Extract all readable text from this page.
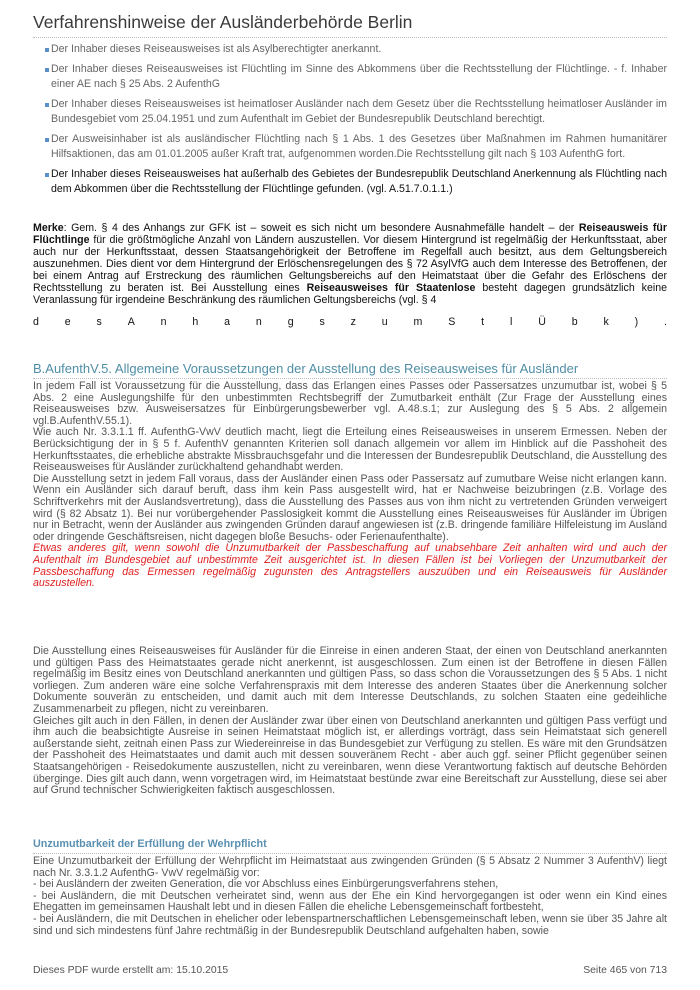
Verfahrenshinweise der Ausländerbehörde Berlin
Der Inhaber dieses Reiseausweises ist als Asylberechtigter anerkannt.
Der Inhaber dieses Reiseausweises ist Flüchtling im Sinne des Abkommens über die Rechtsstellung der Flüchtlinge. - f. Inhaber einer AE nach § 25 Abs. 2 AufenthG
Der Inhaber dieses Reiseausweises ist heimatloser Ausländer nach dem Gesetz über die Rechtsstellung heimatloser Ausländer im Bundesgebiet vom 25.04.1951 und zum Aufenthalt im Gebiet der Bundesrepublik Deutschland berechtigt.
Der Ausweisinhaber ist als ausländischer Flüchtling nach § 1 Abs. 1 des Gesetzes über Maßnahmen im Rahmen humanitärer Hilfsaktionen, das am 01.01.2005 außer Kraft trat, aufgenommen worden.Die Rechtsstellung gilt nach § 103 AufenthG fort.
Der Inhaber dieses Reiseausweises hat außerhalb des Gebietes der Bundesrepublik Deutschland Anerkennung als Flüchtling nach dem Abkommen über die Rechtsstellung der Flüchtlinge gefunden. (vgl. A.51.7.0.1.1.)
Merke: Gem. § 4 des Anhangs zur GFK ist – soweit es sich nicht um besondere Ausnahmefälle handelt – der Reiseausweis für Flüchtlinge für die größtmögliche Anzahl von Ländern auszustellen. Vor diesem Hintergrund ist regelmäßig der Herkunftsstaat, aber auch nur der Herkunftsstaat, dessen Staatsangehörigkeit der Betroffene im Regelfall auch besitzt, aus dem Geltungsbereich auszunehmen. Dies dient vor dem Hintergrund der Erlöschensregelungen des § 72 AsylVfG auch dem Interesse des Betroffenen, der bei einem Antrag auf Erstreckung des räumlichen Geltungsbereichs auf den Heimatstaat über die Gefahr des Erlöschens der Rechtsstellung zu beraten ist. Bei Ausstellung eines Reiseausweises für Staatenlose besteht dagegen grundsätzlich keine Veranlassung für irgendeine Beschränkung des räumlichen Geltungsbereichs (vgl. § 4
d e s A n h a n g s z u m S t l Ü b k ) .
B.AufenthV.5. Allgemeine Voraussetzungen der Ausstellung des Reiseausweises für Ausländer

In jedem Fall ist Voraussetzung für die Ausstellung, dass das Erlangen eines Passes oder Passersatzes unzumutbar ist, wobei § 5 Abs. 2 eine Auslegungshilfe für den unbestimmten Rechtsbegriff der Zumutbarkeit enthält (Zur Frage der Ausstellung eines Reiseausweises bzw. Ausweisersatzes für Einbürgerungsbewerber vgl. A.48.s.1; zur Auslegung des § 5 Abs. 2 allgemein vgl.B.AufenthV.55.1).

Wie auch Nr. 3.3.1.1 ff. AufenthG-VwV deutlich macht, liegt die Erteilung eines Reiseausweises in unserem Ermessen. Neben der Berücksichtigung der in § 5 f. AufenthV genannten Kriterien soll danach allgemein vor allem im Hinblick auf die Passhoheit des Herkunftsstaates, die erhebliche abstrakte Missbrauchsgefahr und die Interessen der Bundesrepublik Deutschland, die Ausstellung des Reiseausweises für Ausländer zurückhaltend gehandhabt werden.

Die Ausstellung setzt in jedem Fall voraus, dass der Ausländer einen Pass oder Passersatz auf zumutbare Weise nicht erlangen kann. Wenn ein Ausländer sich darauf beruft, dass ihm kein Pass ausgestellt wird, hat er Nachweise beizubringen (z.B. Vorlage des Schriftverkehrs mit der Auslandsvertretung), dass die Ausstellung des Passes aus von ihm nicht zu vertretenden Gründen verweigert wird (§ 82 Absatz 1). Bei nur vorübergehender Passlosigkeit kommt die Ausstellung eines Reiseausweises für Ausländer im Übrigen nur in Betracht, wenn der Ausländer aus zwingenden Gründen darauf angewiesen ist (z.B. dringende familiäre Hilfeleistung im Ausland oder dringende Geschäftsreisen, nicht dagegen bloße Besuchs- oder Ferienaufenthalte).

Etwas anderes gilt, wenn sowohl die Unzumutbarkeit der Passbeschaffung auf unabsehbare Zeit anhalten wird und auch der Aufenthalt im Bundesgebiet auf unbestimmte Zeit ausgerichtet ist. In diesen Fällen ist bei Vorliegen der Unzumutbarkeit der Passbeschaffung das Ermessen regelmäßig zugunsten des Antragstellers auszuüben und ein Reiseausweis für Ausländer auszustellen.

Die Ausstellung eines Reiseausweises für Ausländer für die Einreise in einen anderen Staat, der einen von Deutschland anerkannten und gültigen Pass des Heimatstaates gerade nicht anerkennt, ist ausgeschlossen. Zum einen ist der Betroffene in diesen Fällen regelmäßig im Besitz eines von Deutschland anerkannten und gültigen Pass, so dass schon die Voraussetzungen des § 5 Abs. 1 nicht vorliegen. Zum anderen wäre eine solche Verfahrenspraxis mit dem Interesse des anderen Staates über die Anerkennung solcher Dokumente souverän zu entscheiden, und damit auch mit dem Interesse Deutschlands, zu solchen Staaten eine gedeihliche Zusammenarbeit zu pflegen, nicht zu vereinbaren.

Gleiches gilt auch in den Fällen, in denen der Ausländer zwar über einen von Deutschland anerkannten und gültigen Pass verfügt und ihm auch die beabsichtigte Ausreise in seinen Heimatstaat möglich ist, er allerdings vorträgt, dass sein Heimatstaat sich generell außerstande sieht, zeitnah einen Pass zur Wiedereinreise in das Bundesgebiet zur Verfügung zu stellen. Es wäre mit den Grundsätzen der Passhoheit des Heimatstaates und damit auch mit dessen souveränem Recht - aber auch ggf. seiner Pflicht gegenüber seinen Staatsangehörigen - Reisedokumente auszustellen, nicht zu vereinbaren, wenn diese Verantwortung faktisch auf deutsche Behörden überginge. Dies gilt auch dann, wenn vorgetragen wird, im Heimatstaat bestünde zwar eine Bereitschaft zur Ausstellung, diese sei aber auf Grund technischer Schwierigkeiten faktisch ausgeschlossen.

Unzumutbarkeit der Erfüllung der Wehrpflicht

Eine Unzumutbarkeit der Erfüllung der Wehrpflicht im Heimatstaat aus zwingenden Gründen (§ 5 Absatz 2 Nummer 3 AufenthV) liegt nach Nr. 3.3.1.2 AufenthG- VwV regelmäßig vor:

- bei Ausländern der zweiten Generation, die vor Abschluss eines Einbürgerungsverfahrens stehen,

- bei Ausländern, die mit Deutschen verheiratet sind, wenn aus der Ehe ein Kind hervorgegangen ist oder wenn ein Kind eines Ehegatten im gemeinsamen Haushalt lebt und in diesen Fällen die eheliche Lebensgemeinschaft fortbesteht,

- bei Ausländern, die mit Deutschen in ehelicher oder lebenspartnerschaftlichen Lebensgemeinschaft leben, wenn sie über 35 Jahre alt sind und sich mindestens fünf Jahre rechtmäßig in der Bundesrepublik Deutschland aufgehalten haben, sowie

Dieses PDF wurde erstellt am: 15.10.2015	Seite 465 von 713
